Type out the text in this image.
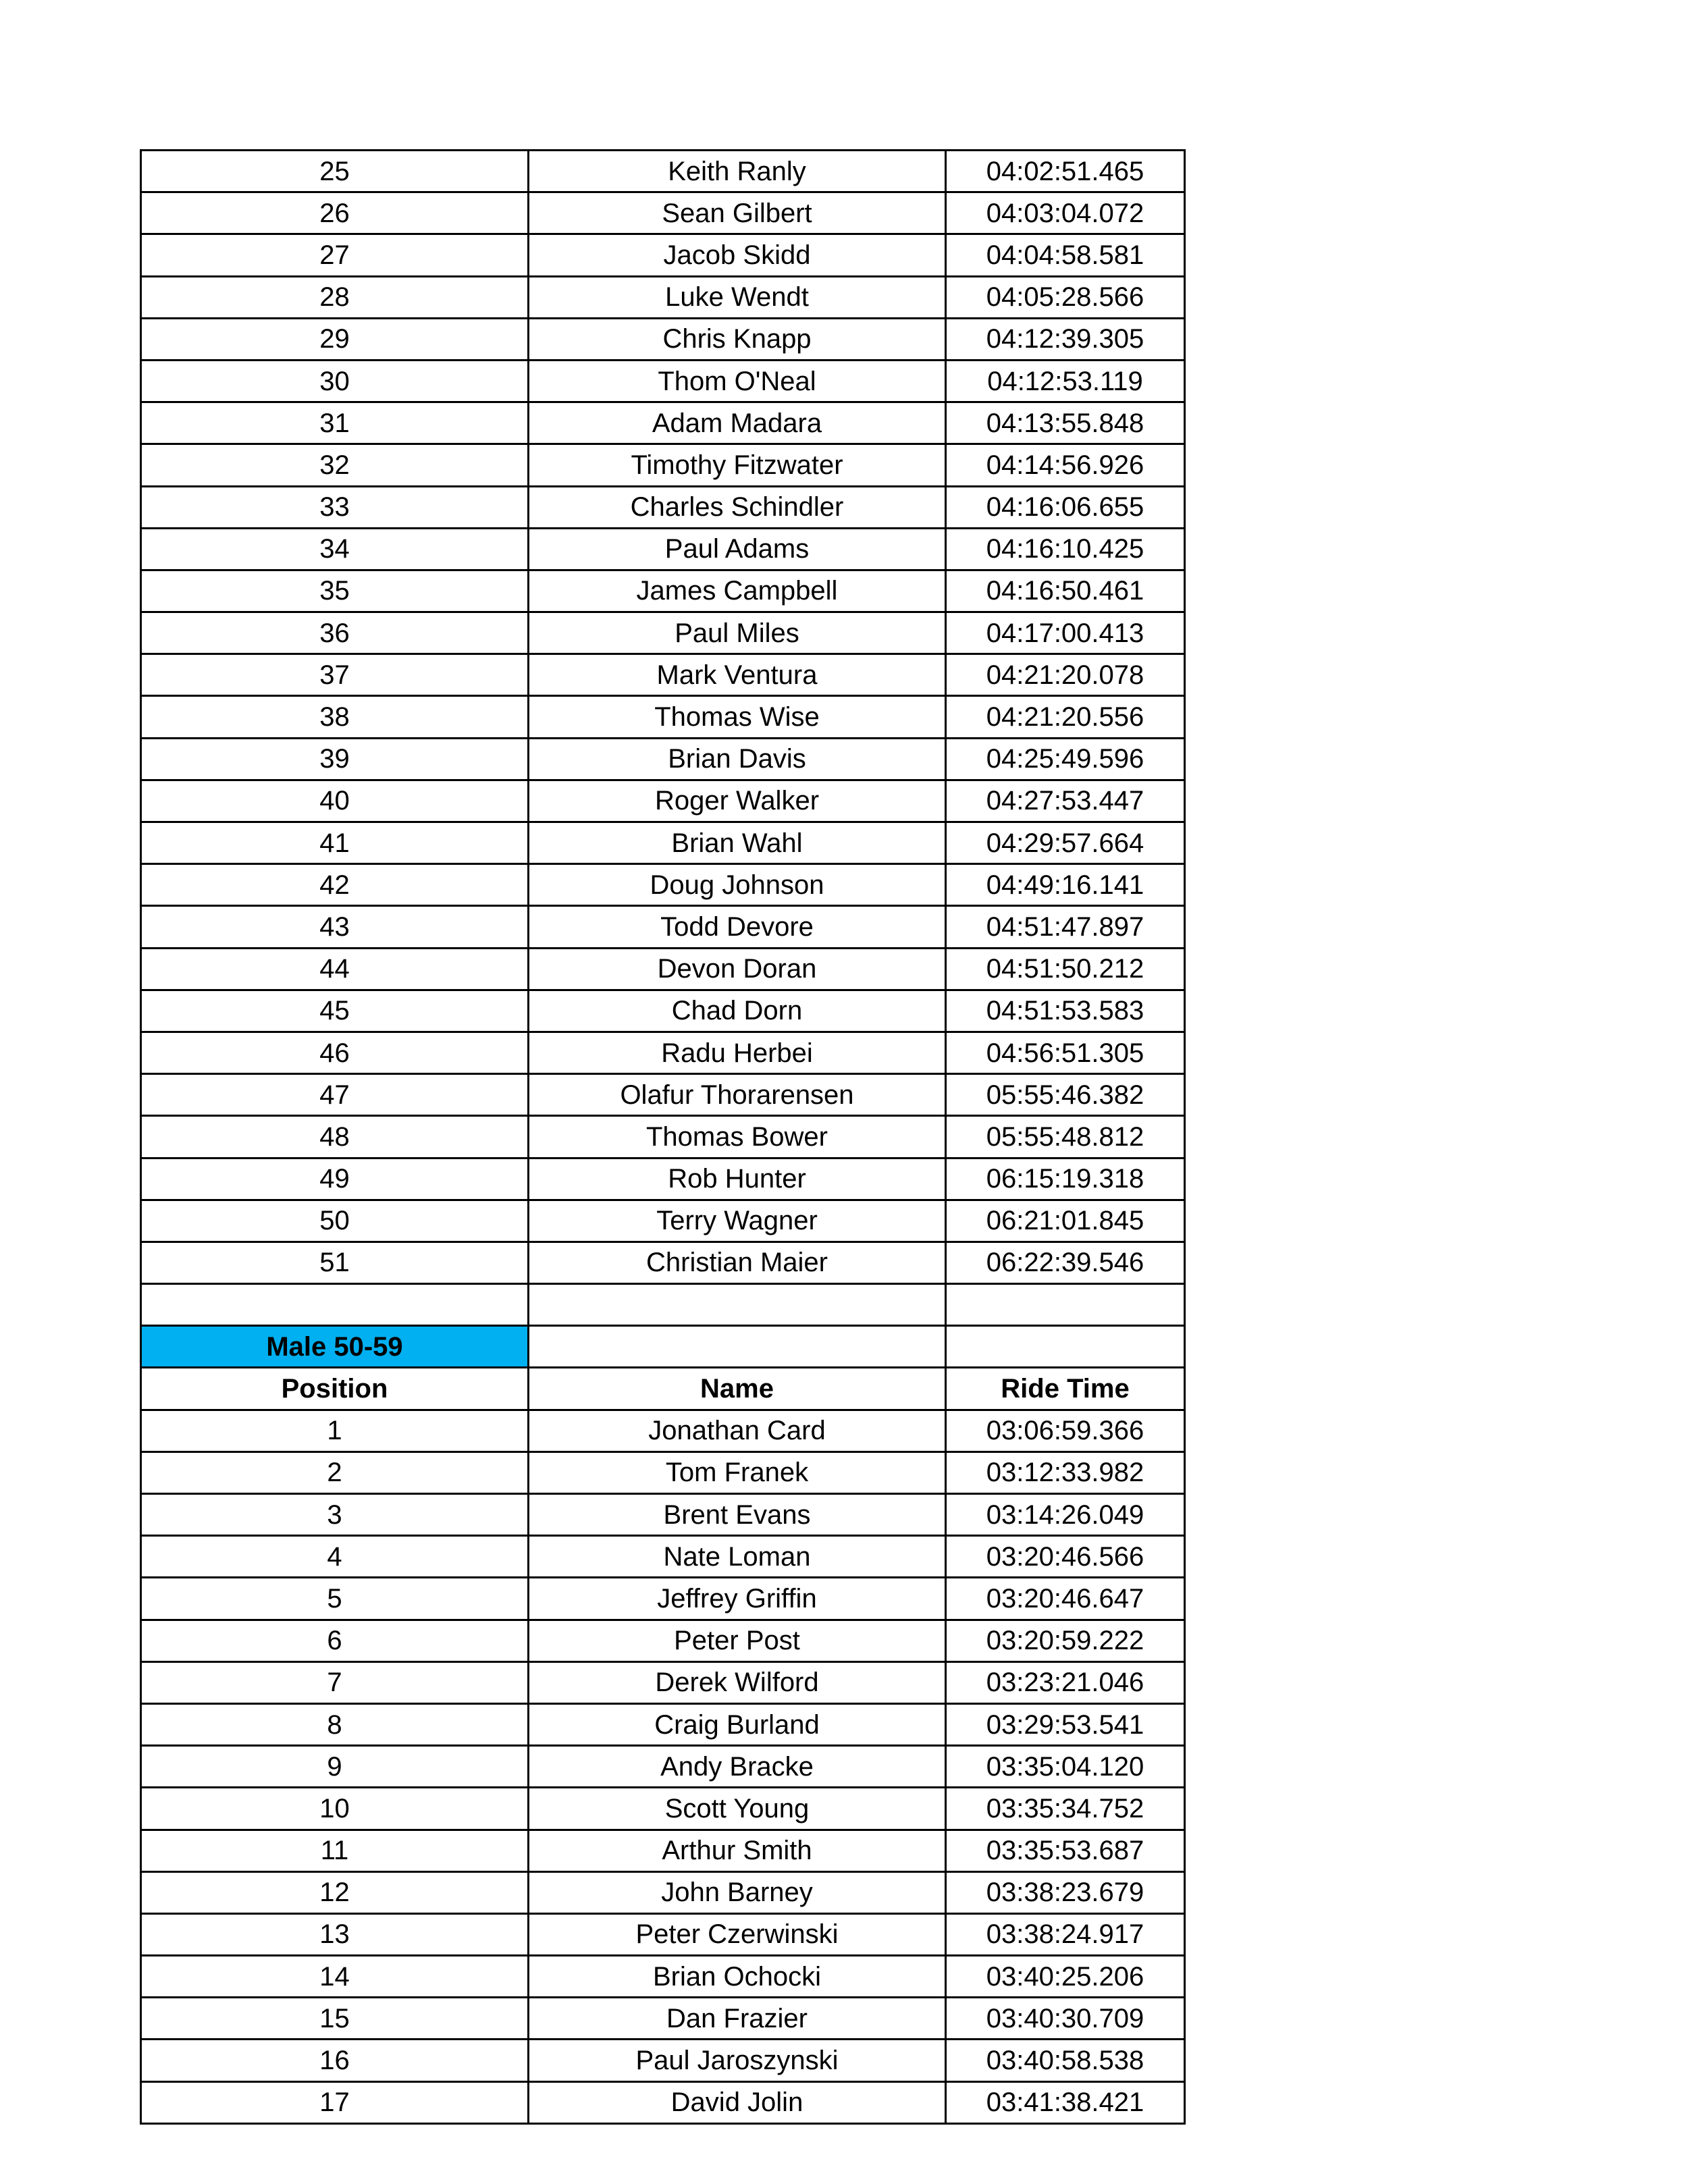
25	Keith Ranly	04:02:51.465
26	Sean Gilbert	04:03:04.072
27	Jacob Skidd	04:04:58.581
28	Luke Wendt	04:05:28.566
29	Chris Knapp	04:12:39.305
30	Thom O'Neal	04:12:53.119
31	Adam Madara	04:13:55.848
32	Timothy Fitzwater	04:14:56.926
33	Charles Schindler	04:16:06.655
34	Paul Adams	04:16:10.425
35	James Campbell	04:16:50.461
36	Paul Miles	04:17:00.413
37	Mark Ventura	04:21:20.078
38	Thomas Wise	04:21:20.556
39	Brian Davis	04:25:49.596
40	Roger Walker	04:27:53.447
41	Brian Wahl	04:29:57.664
42	Doug Johnson	04:49:16.141
43	Todd Devore	04:51:47.897
44	Devon Doran	04:51:50.212
45	Chad Dorn	04:51:53.583
46	Radu Herbei	04:56:51.305
47	Olafur Thorarensen	05:55:46.382
48	Thomas Bower	05:55:48.812
49	Rob Hunter	06:15:19.318
50	Terry Wagner	06:21:01.845
51	Christian Maier	06:22:39.546

Male 50-59		
Position	Name	Ride Time
1	Jonathan Card	03:06:59.366
2	Tom Franek	03:12:33.982
3	Brent Evans	03:14:26.049
4	Nate Loman	03:20:46.566
5	Jeffrey Griffin	03:20:46.647
6	Peter Post	03:20:59.222
7	Derek Wilford	03:23:21.046
8	Craig Burland	03:29:53.541
9	Andy Bracke	03:35:04.120
10	Scott Young	03:35:34.752
11	Arthur Smith	03:35:53.687
12	John Barney	03:38:23.679
13	Peter Czerwinski	03:38:24.917
14	Brian Ochocki	03:40:25.206
15	Dan Frazier	03:40:30.709
16	Paul Jaroszynski	03:40:58.538
17	David Jolin	03:41:38.421
